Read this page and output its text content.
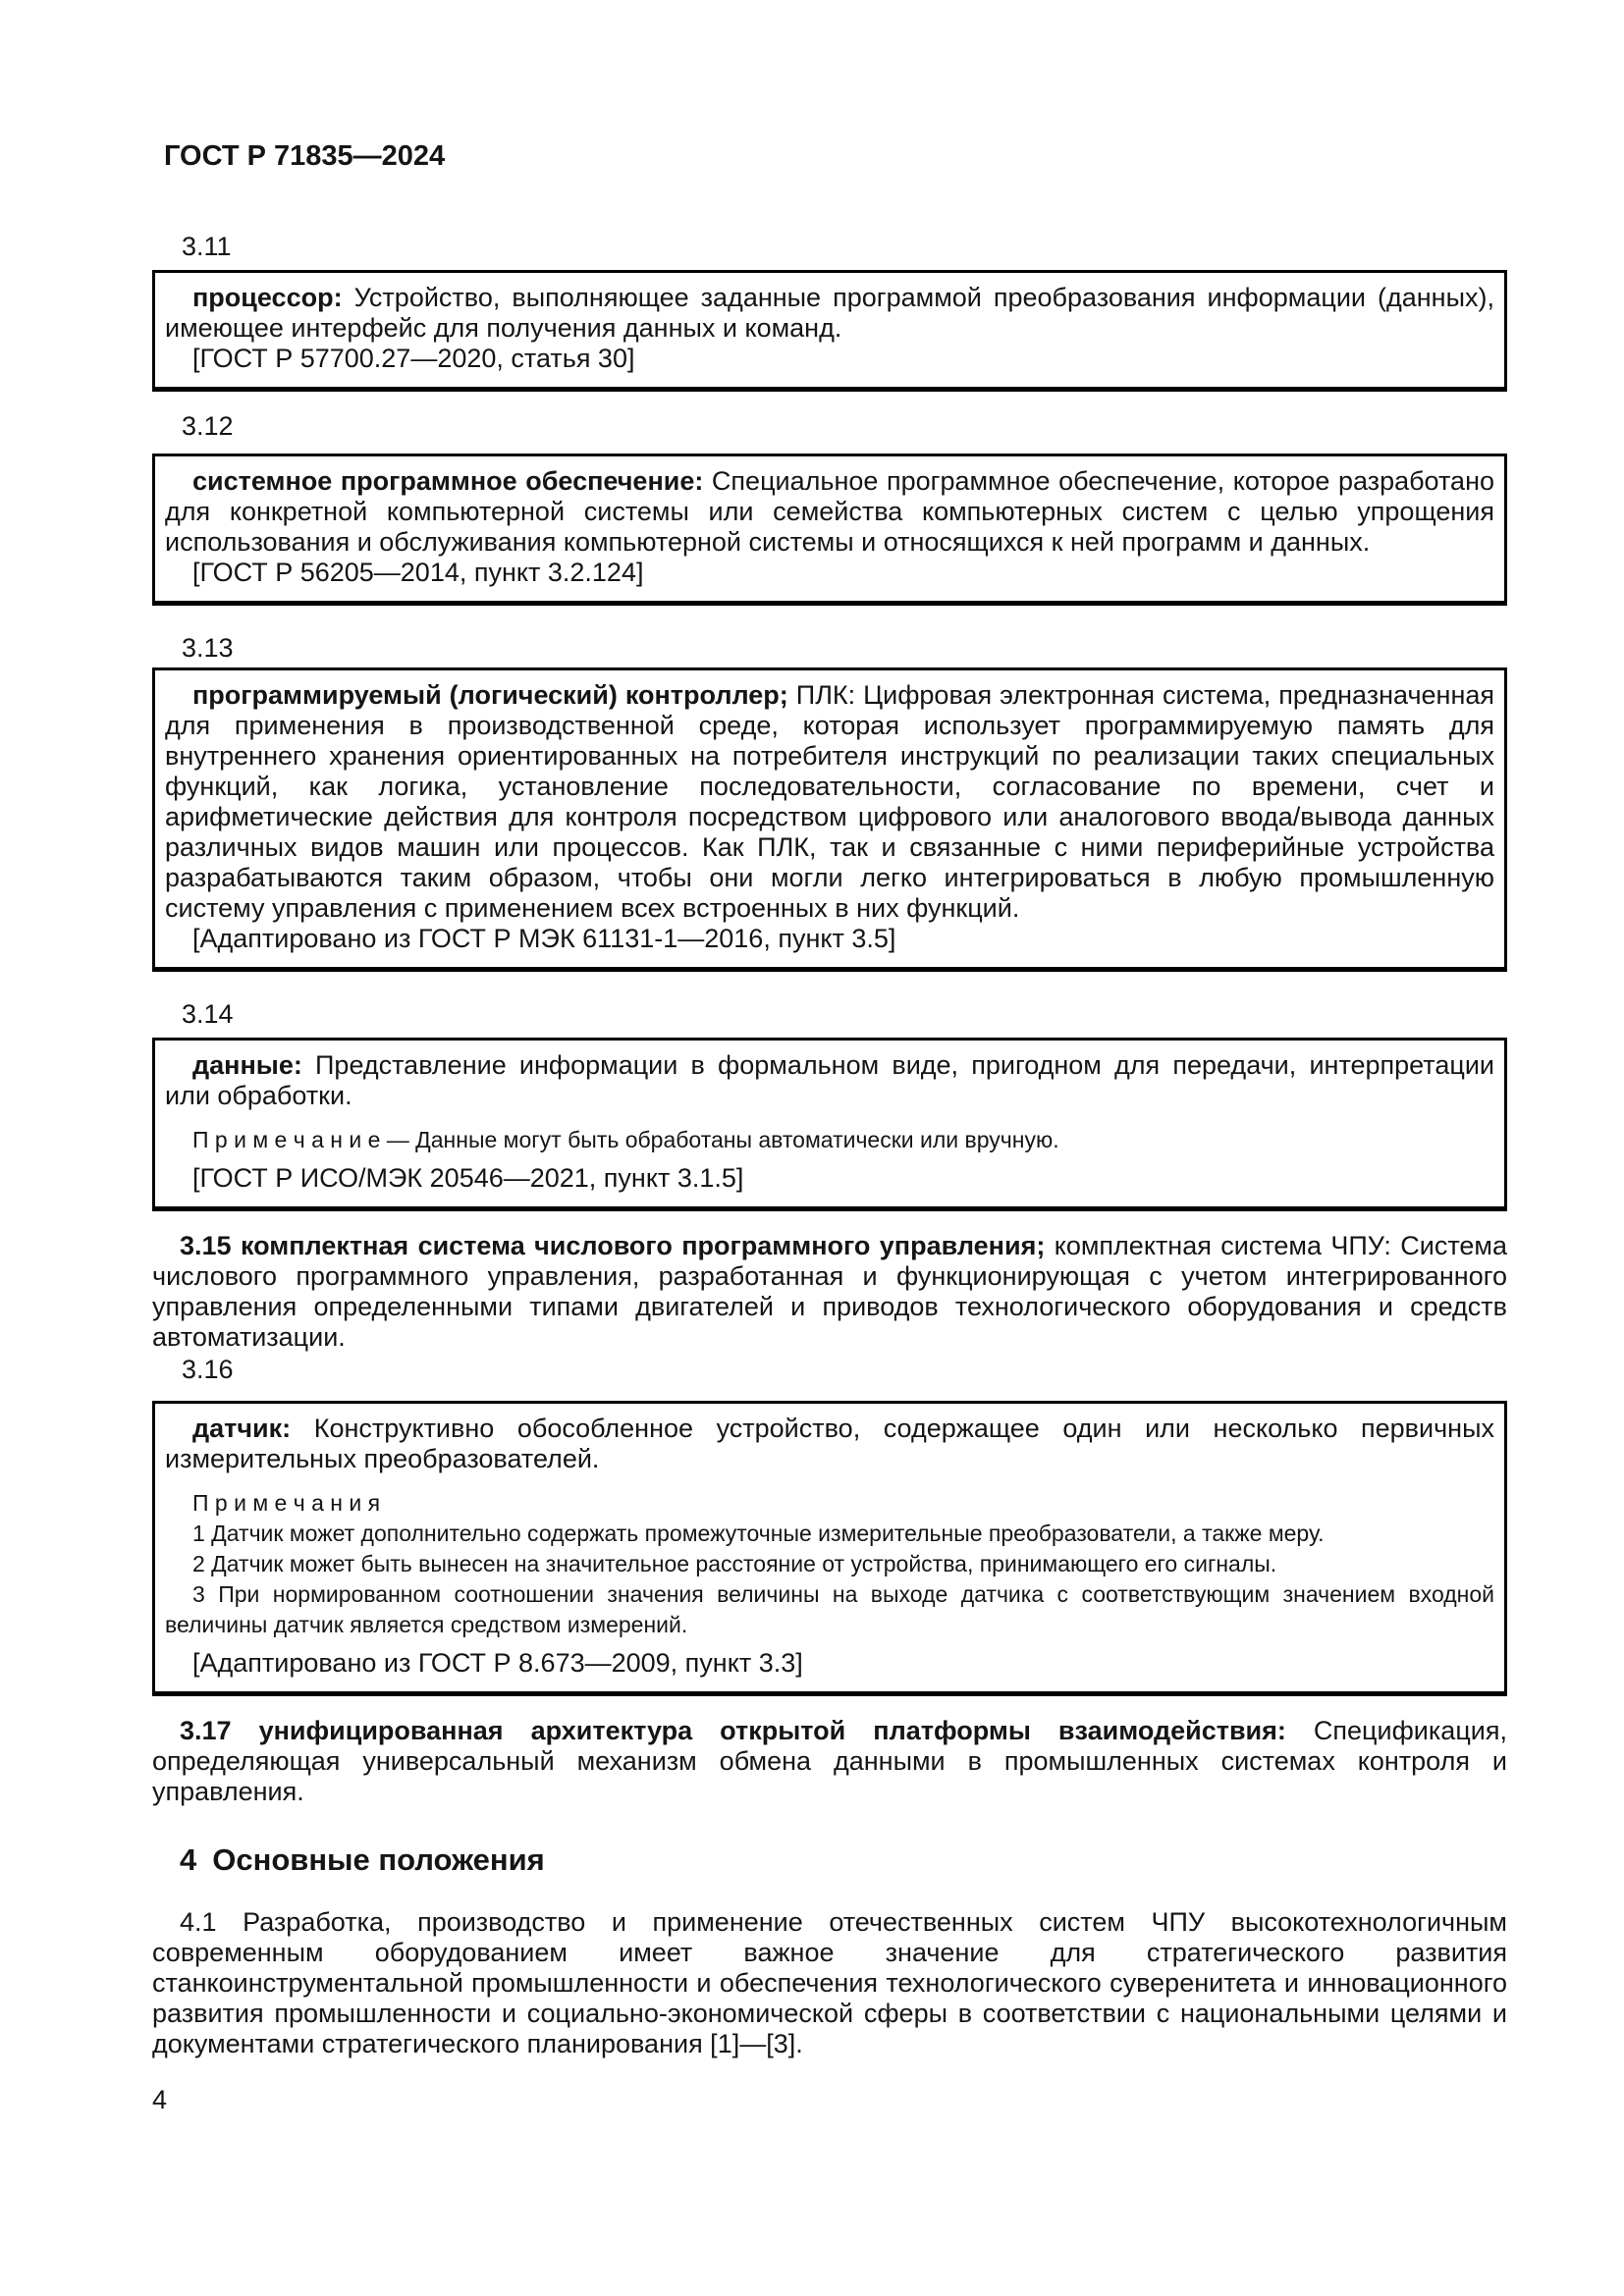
ГОСТ Р 71835—2024

3.11

процессор: Устройство, выполняющее заданные программой преобразования информации (данных), имеющее интерфейс для получения данных и команд.

[ГОСТ Р 57700.27—2020, статья 30]

3.12

системное программное обеспечение: Специальное программное обеспечение, которое разработано для конкретной компьютерной системы или семейства компьютерных систем с целью упрощения использования и обслуживания компьютерной системы и относящихся к ней программ и данных.

[ГОСТ Р 56205—2014, пункт 3.2.124]

3.13

программируемый (логический) контроллер; ПЛК: Цифровая электронная система, предназначенная для применения в производственной среде, которая использует программируемую память для внутреннего хранения ориентированных на потребителя инструкций по реализации таких специальных функций, как логика, установление последовательности, согласование по времени, счет и арифметические действия для контроля посредством цифрового или аналогового ввода/вывода данных различных видов машин или процессов. Как ПЛК, так и связанные с ними периферийные устройства разрабатываются таким образом, чтобы они могли легко интегрироваться в любую промышленную систему управления с применением всех встроенных в них функций.

[Адаптировано из ГОСТ Р МЭК 61131-1—2016, пункт 3.5]

3.14

данные: Представление информации в формальном виде, пригодном для передачи, интерпретации или обработки.

П р и м е ч а н и е — Данные могут быть обработаны автоматически или вручную.

[ГОСТ Р ИСО/МЭК 20546—2021, пункт 3.1.5]

3.15 комплектная система числового программного управления; комплектная система ЧПУ: Система числового программного управления, разработанная и функционирующая с учетом интегрированного управления определенными типами двигателей и приводов технологического оборудования и средств автоматизации.

3.16

датчик: Конструктивно обособленное устройство, содержащее один или несколько первичных измерительных преобразователей.

П р и м е ч а н и я

1 Датчик может дополнительно содержать промежуточные измерительные преобразователи, а также меру.

2 Датчик может быть вынесен на значительное расстояние от устройства, принимающего его сигналы.

3 При нормированном соотношении значения величины на выходе датчика с соответствующим значением входной величины датчик является средством измерений.

[Адаптировано из ГОСТ Р 8.673—2009, пункт 3.3]

3.17 унифицированная архитектура открытой платформы взаимодействия: Спецификация, определяющая универсальный механизм обмена данными в промышленных системах контроля и управления.

4 Основные положения

4.1 Разработка, производство и применение отечественных систем ЧПУ высокотехнологичным современным оборудованием имеет важное значение для стратегического развития станкоинструментальной промышленности и обеспечения технологического суверенитета и инновационного развития промышленности и социально-экономической сферы в соответствии с национальными целями и документами стратегического планирования [1]—[3].

4
